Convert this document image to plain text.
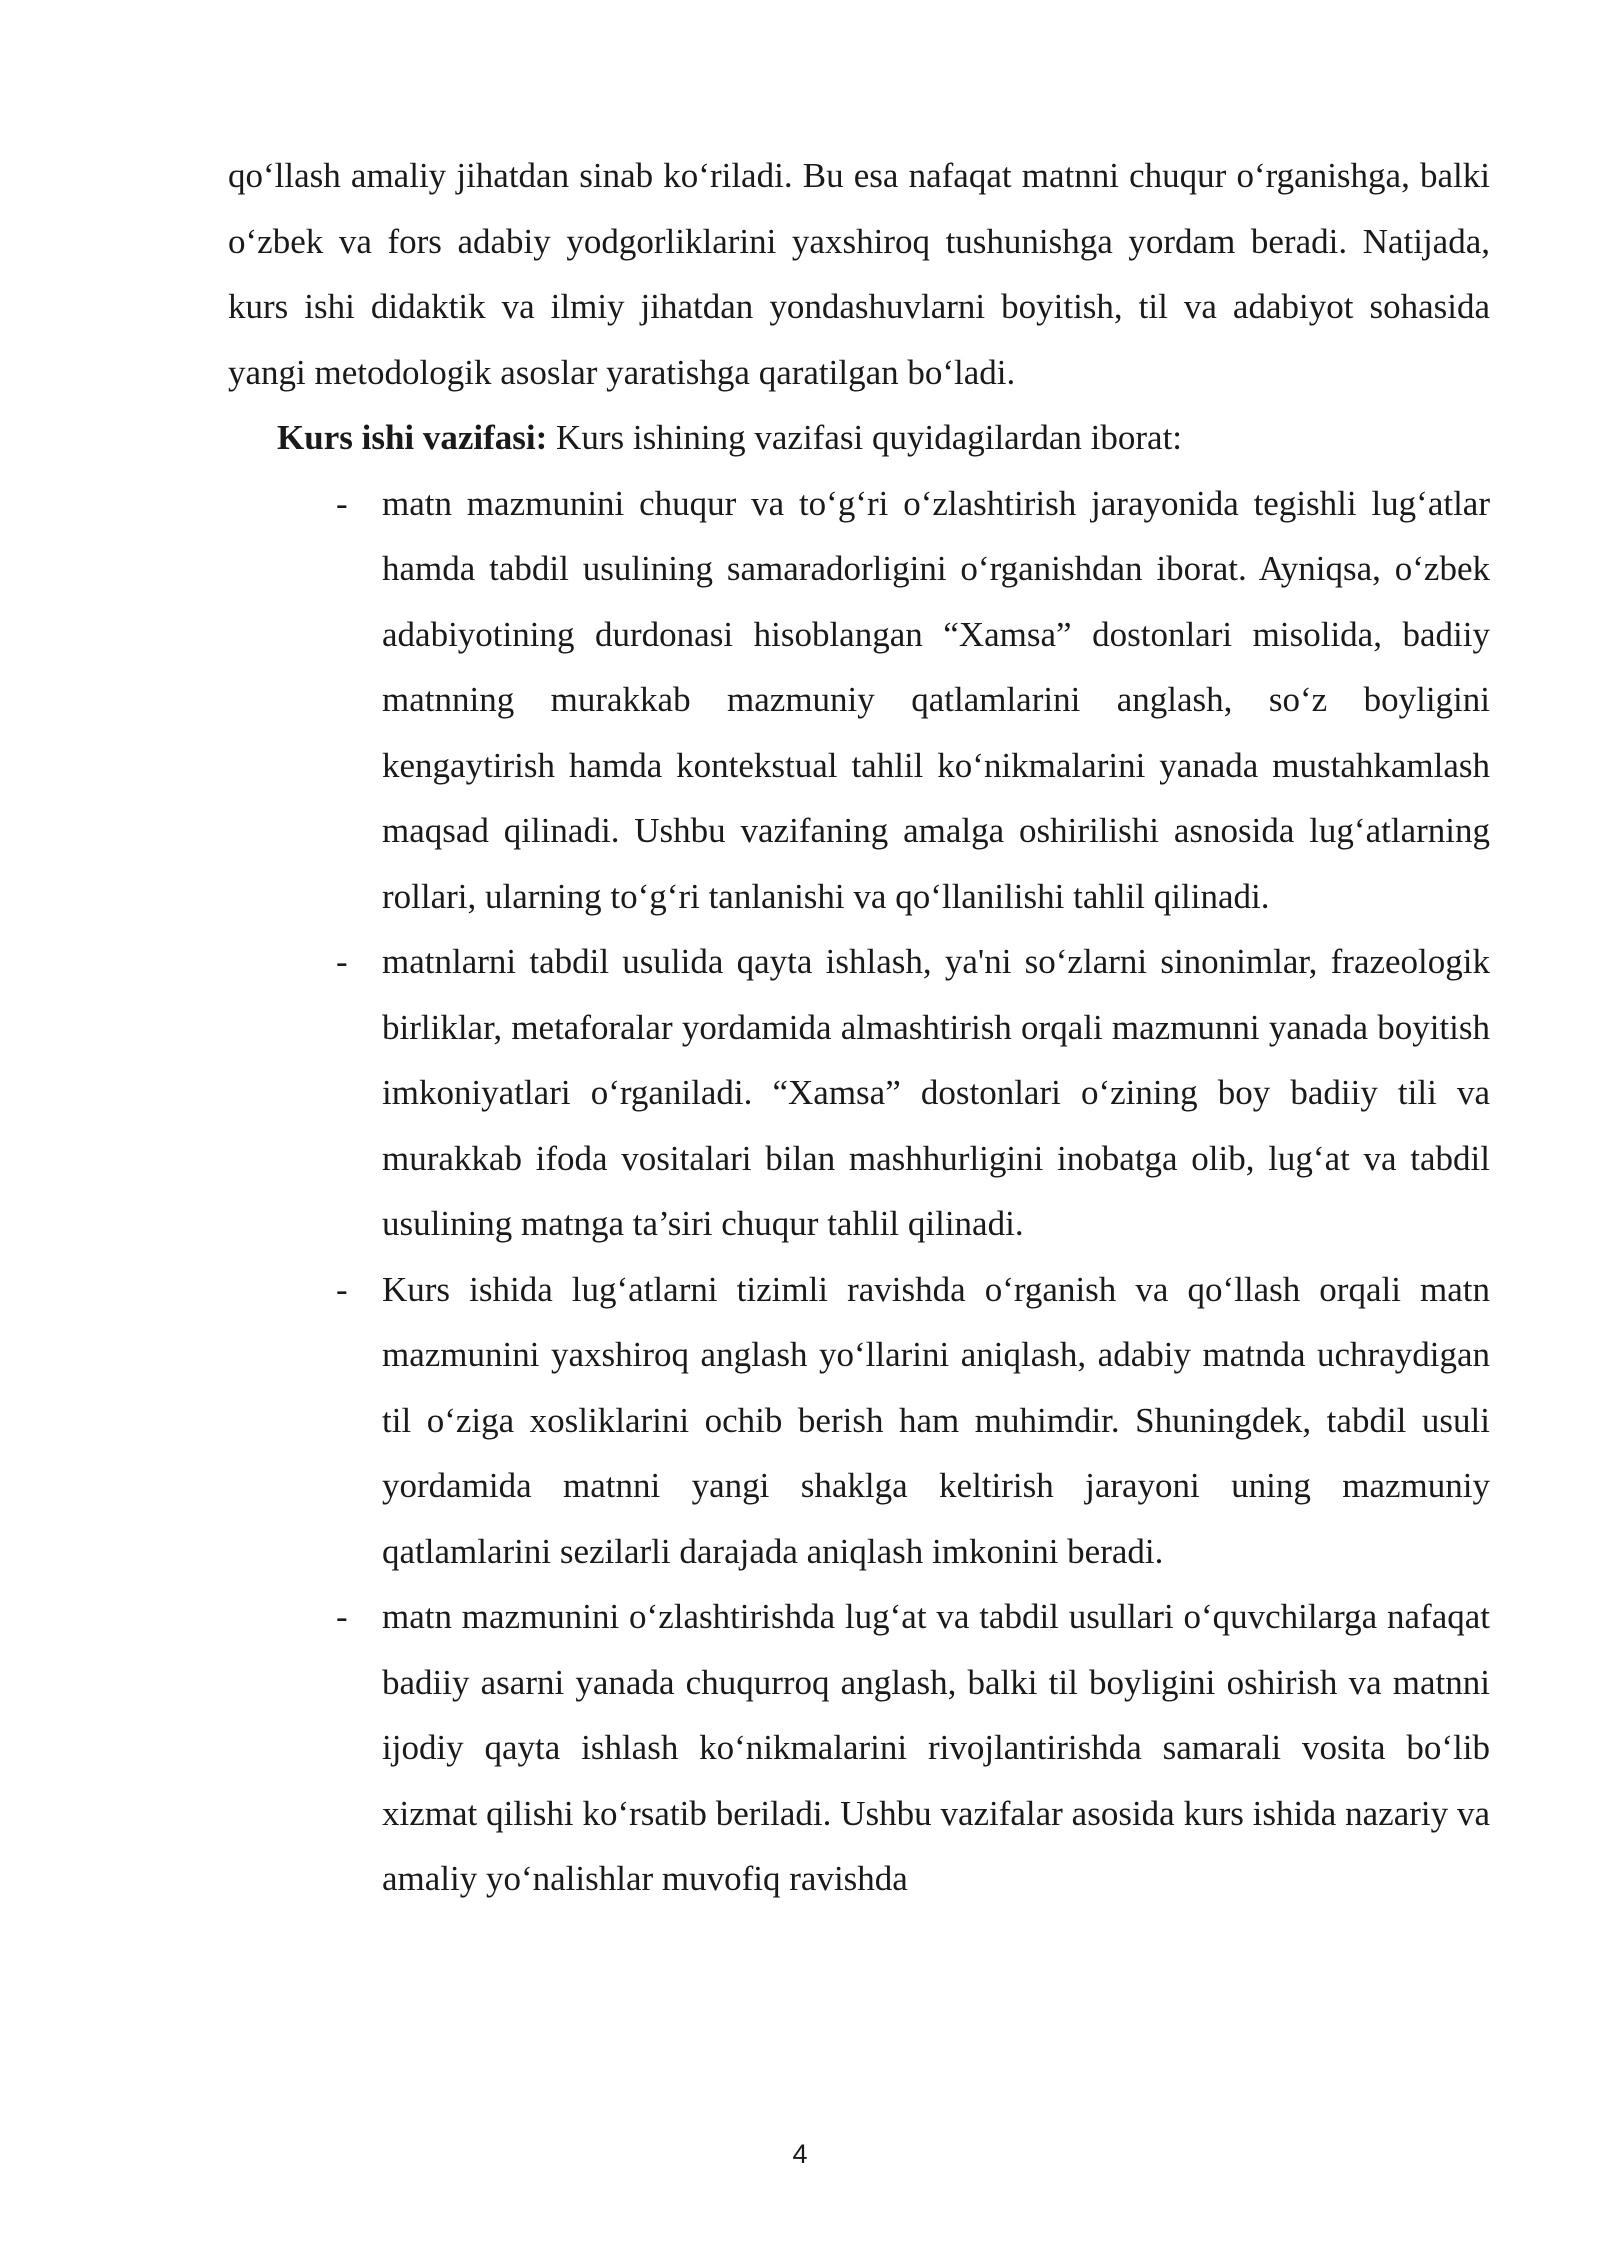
qo‘llash amaliy jihatdan sinab ko‘riladi. Bu esa nafaqat matnni chuqur o‘rganishga, balki o‘zbek va fors adabiy yodgorliklarini yaxshiroq tushunishga yordam beradi. Natijada, kurs ishi didaktik va ilmiy jihatdan yondashuvlarni boyitish, til va adabiyot sohasida yangi metodologik asoslar yaratishga qaratilgan bo‘ladi.

Kurs ishi vazifasi: Kurs ishining vazifasi quyidagilardan iborat:

- matn mazmunini chuqur va to‘g‘ri o‘zlashtirish jarayonida tegishli lug‘atlar hamda tabdil usulining samaradorligini o‘rganishdan iborat. Ayniqsa, o‘zbek adabiyotining durdonasi hisoblangan “Xamsa” dostonlari misolida, badiiy matnning murakkab mazmuniy qatlamlarini anglash, so‘z boyligini kengaytirish hamda kontekstual tahlil ko‘nikmalarini yanada mustahkamlash maqsad qilinadi. Ushbu vazifaning amalga oshirilishi asnosida lug‘atlarning rollari, ularning to‘g‘ri tanlanishi va qo‘llanilishi tahlil qilinadi.
- matnlarni tabdil usulida qayta ishlash, ya'ni so‘zlarni sinonimlar, frazeologik birliklar, metaforalar yordamida almashtirish orqali mazmunni yanada boyitish imkoniyatlari o‘rganiladi. “Xamsa” dostonlari o‘zining boy badiiy tili va murakkab ifoda vositalari bilan mashhurligini inobatga olib, lug‘at va tabdil usulining matnga ta’siri chuqur tahlil qilinadi.
- Kurs ishida lug‘atlarni tizimli ravishda o‘rganish va qo‘llash orqali matn mazmunini yaxshiroq anglash yo‘llarini aniqlash, adabiy matnda uchraydigan til o‘ziga xosliklarini ochib berish ham muhimdir. Shuningdek, tabdil usuli yordamida matnni yangi shaklga keltirish jarayoni uning mazmuniy qatlamlarini sezilarli darajada aniqlash imkonini beradi.
- matn mazmunini o‘zlashtirishda lug‘at va tabdil usullari o‘quvchilarga nafaqat badiiy asarni yanada chuqurroq anglash, balki til boyligini oshirish va matnni ijodiy qayta ishlash ko‘nikmalarini rivojlantirishda samarali vosita bo‘lib xizmat qilishi ko‘rsatib beriladi. Ushbu vazifalar asosida kurs ishida nazariy va amaliy yo‘nalishlar muvofiq ravishda
4
